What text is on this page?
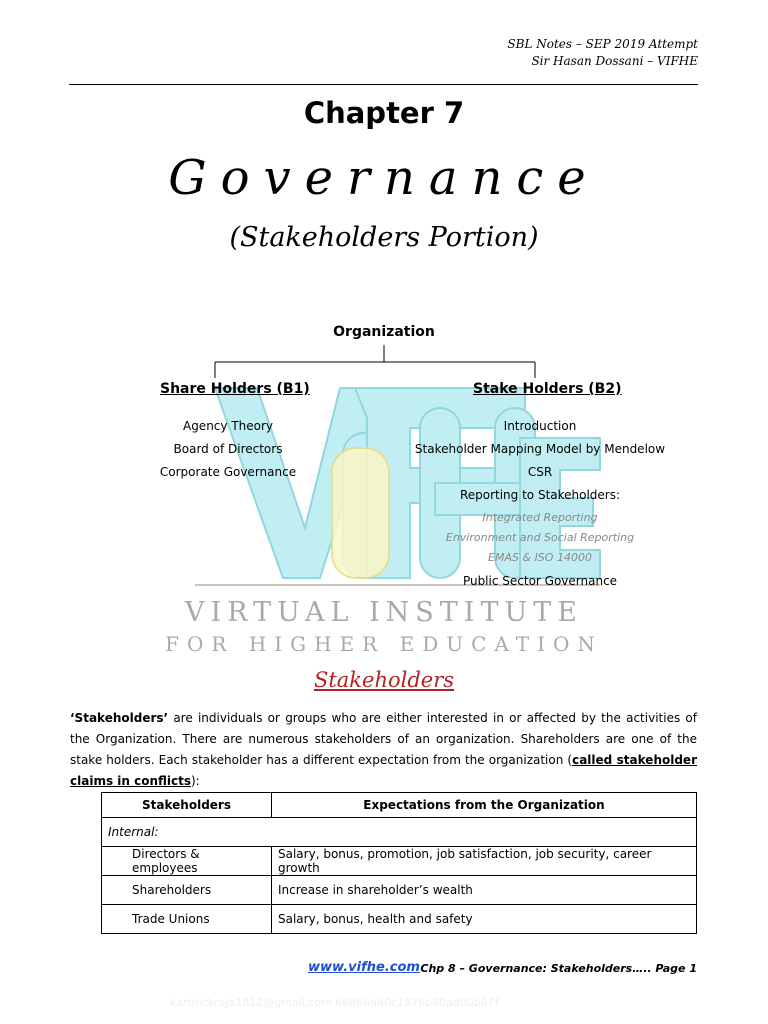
SBL Notes – SEP 2019 Attempt
Sir Hasan Dossani – VIFHE
Chapter 7
Governance
(Stakeholders Portion)
VIRTUAL INSTITUTE
FOR HIGHER EDUCATION
Organization
Share Holders (B1)	Stake Holders (B2)
Agency Theory
Board of Directors
Corporate Governance
Introduction
Stakeholder Mapping Model by Mendelow
CSR
Reporting to Stakeholders:
Integrated Reporting
Environment and Social Reporting
EMAS & ISO 14000
Public Sector Governance
Stakeholders
‘Stakeholders’ are individuals or groups who are either interested in or affected by the activities of the Organization. There are numerous stakeholders of an organization. Shareholders are one of the stake holders. Each stakeholder has a different expectation from the organization (called stakeholder claims in conflicts):
Stakeholders	Expectations from the Organization
Internal:	
Directors & employees	Salary, bonus, promotion, job satisfaction, job security, career growth
Shareholders	Increase in shareholder’s wealth
Trade Unions	Salary, bonus, health and safety
www.vifhe.com Chp 8 – Governance: Stakeholders….. Page 1
karthickraja1812@gmail.com 66866a40c1876b80ad00b67f
